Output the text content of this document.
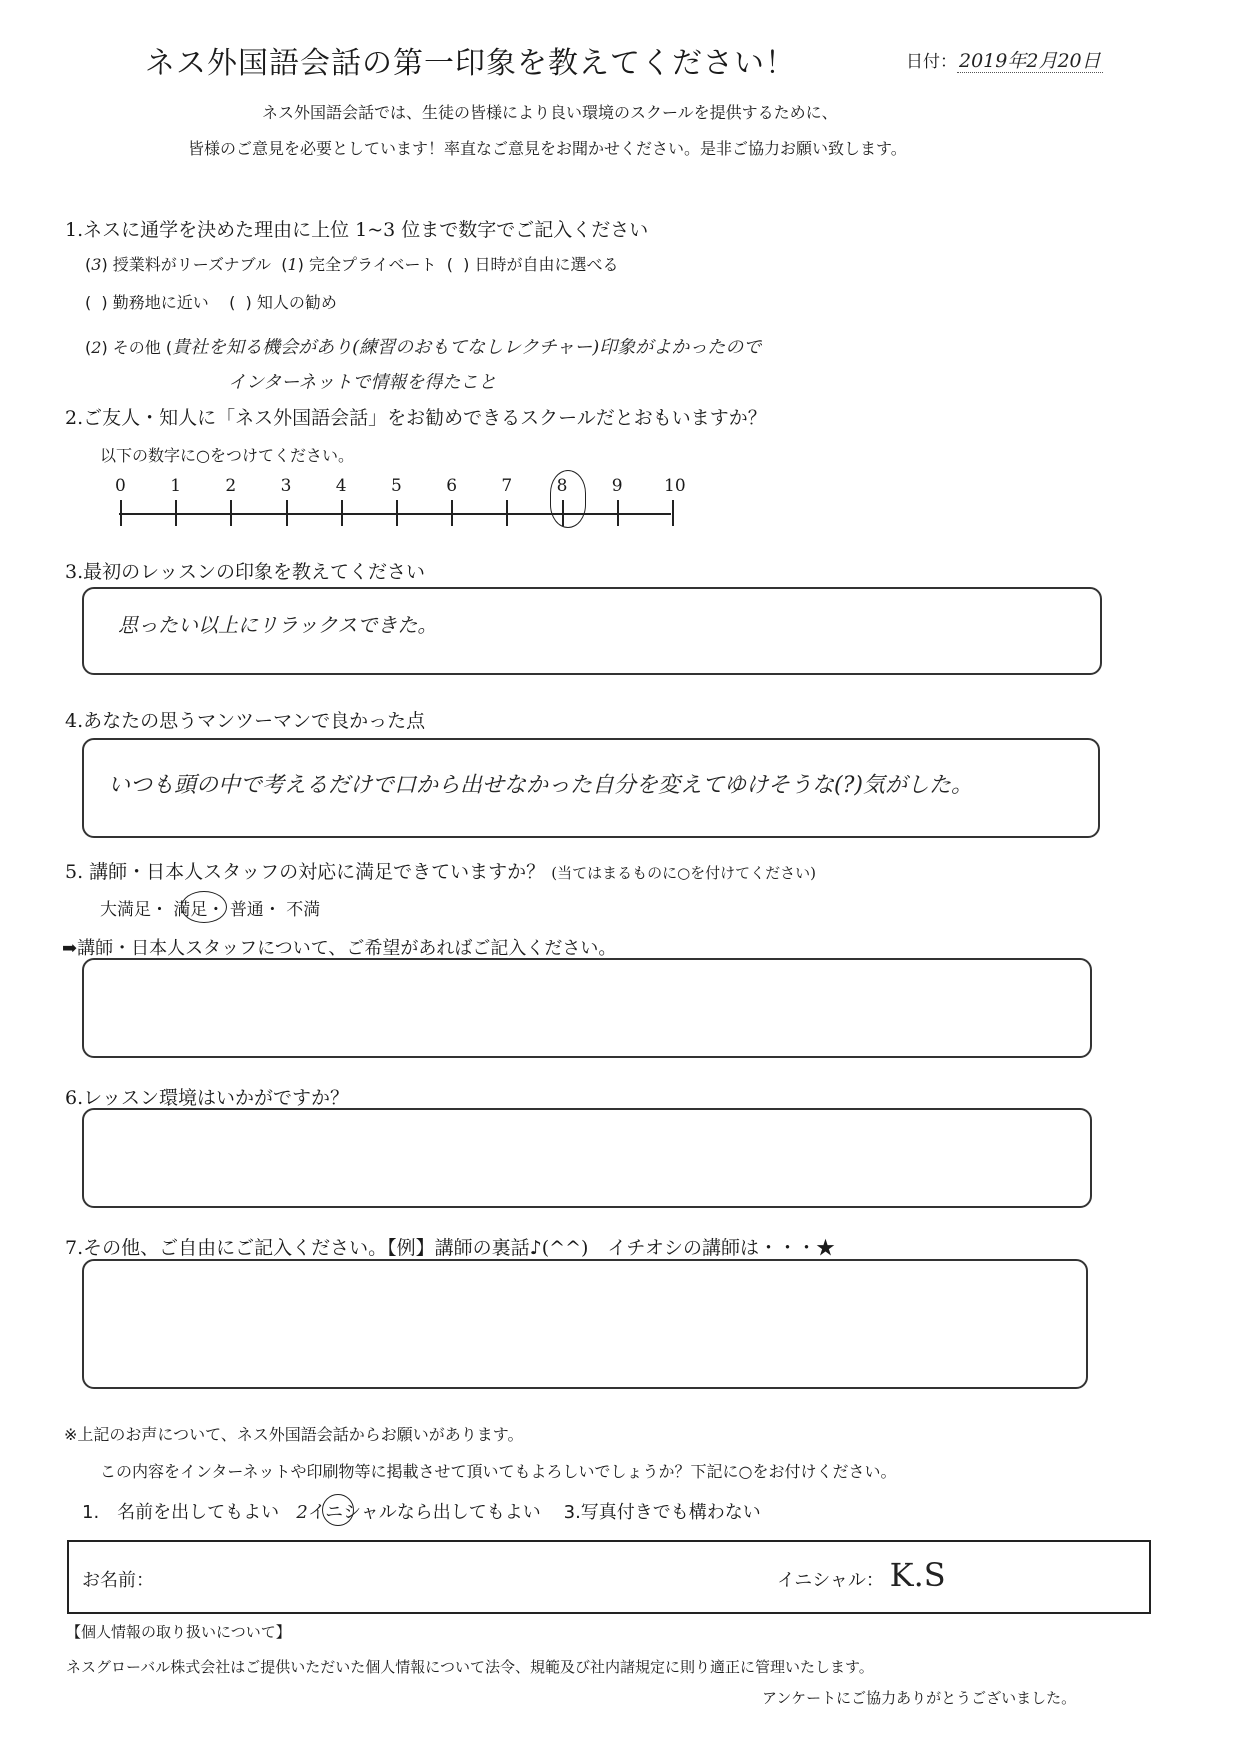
ネス外国語会話の第一印象を教えてください！	日付： 2019年2月20日
ネス外国語会話では、生徒の皆様により良い環境のスクールを提供するために、
皆様のご意見を必要としています！率直なご意見をお聞かせください。是非ご協力お願い致します。
1.ネスに通学を決めた理由に上位 1~3 位まで数字でご記入ください
(3) 授業料がリーズナブル (1) 完全プライベート (  ) 日時が自由に選べる
(  ) 勤務地に近い (  ) 知人の勧め
(2) その他 (貴社を知る機会があり(練習のおもてなしレクチャー)印象がよかったので
インターネットで情報を得たこと
2.ご友人・知人に「ネス外国語会話」をお勧めできるスクールだとおもいますか？
以下の数字に○をつけてください。
0	1	2	3	4	5	6	7	8	9 10
3.最初のレッスンの印象を教えてください
思ったい以上にリラックスできた。
4.あなたの思うマンツーマンで良かった点
いつも頭の中で考えるだけで口から出せなかった自分を変えてゆけそうな(?)気がした。
5. 講師・日本人スタッフの対応に満足できていますか？ (当てはまるものに○を付けてください)
大満足・ 満足・ 普通・ 不満
➡講師・日本人スタッフについて、ご希望があればご記入ください。
6.レッスン環境はいかがですか？
7.その他、ご自由にご記入ください。【例】講師の裏話♪(^^)　イチオシの講師は・・・★
※上記のお声について、ネス外国語会話からお願いがあります。
この内容をインターネットや印刷物等に掲載させて頂いてもよろしいでしょうか？下記に○をお付けください。
1.　名前を出してもよい 2イニシャルなら出してもよい 3.写真付きでも構わない
お名前：	イニシャル： K.S
【個人情報の取り扱いについて】
ネスグローバル株式会社はご提供いただいた個人情報について法令、規範及び社内諸規定に則り適正に管理いたします。
アンケートにご協力ありがとうございました。
